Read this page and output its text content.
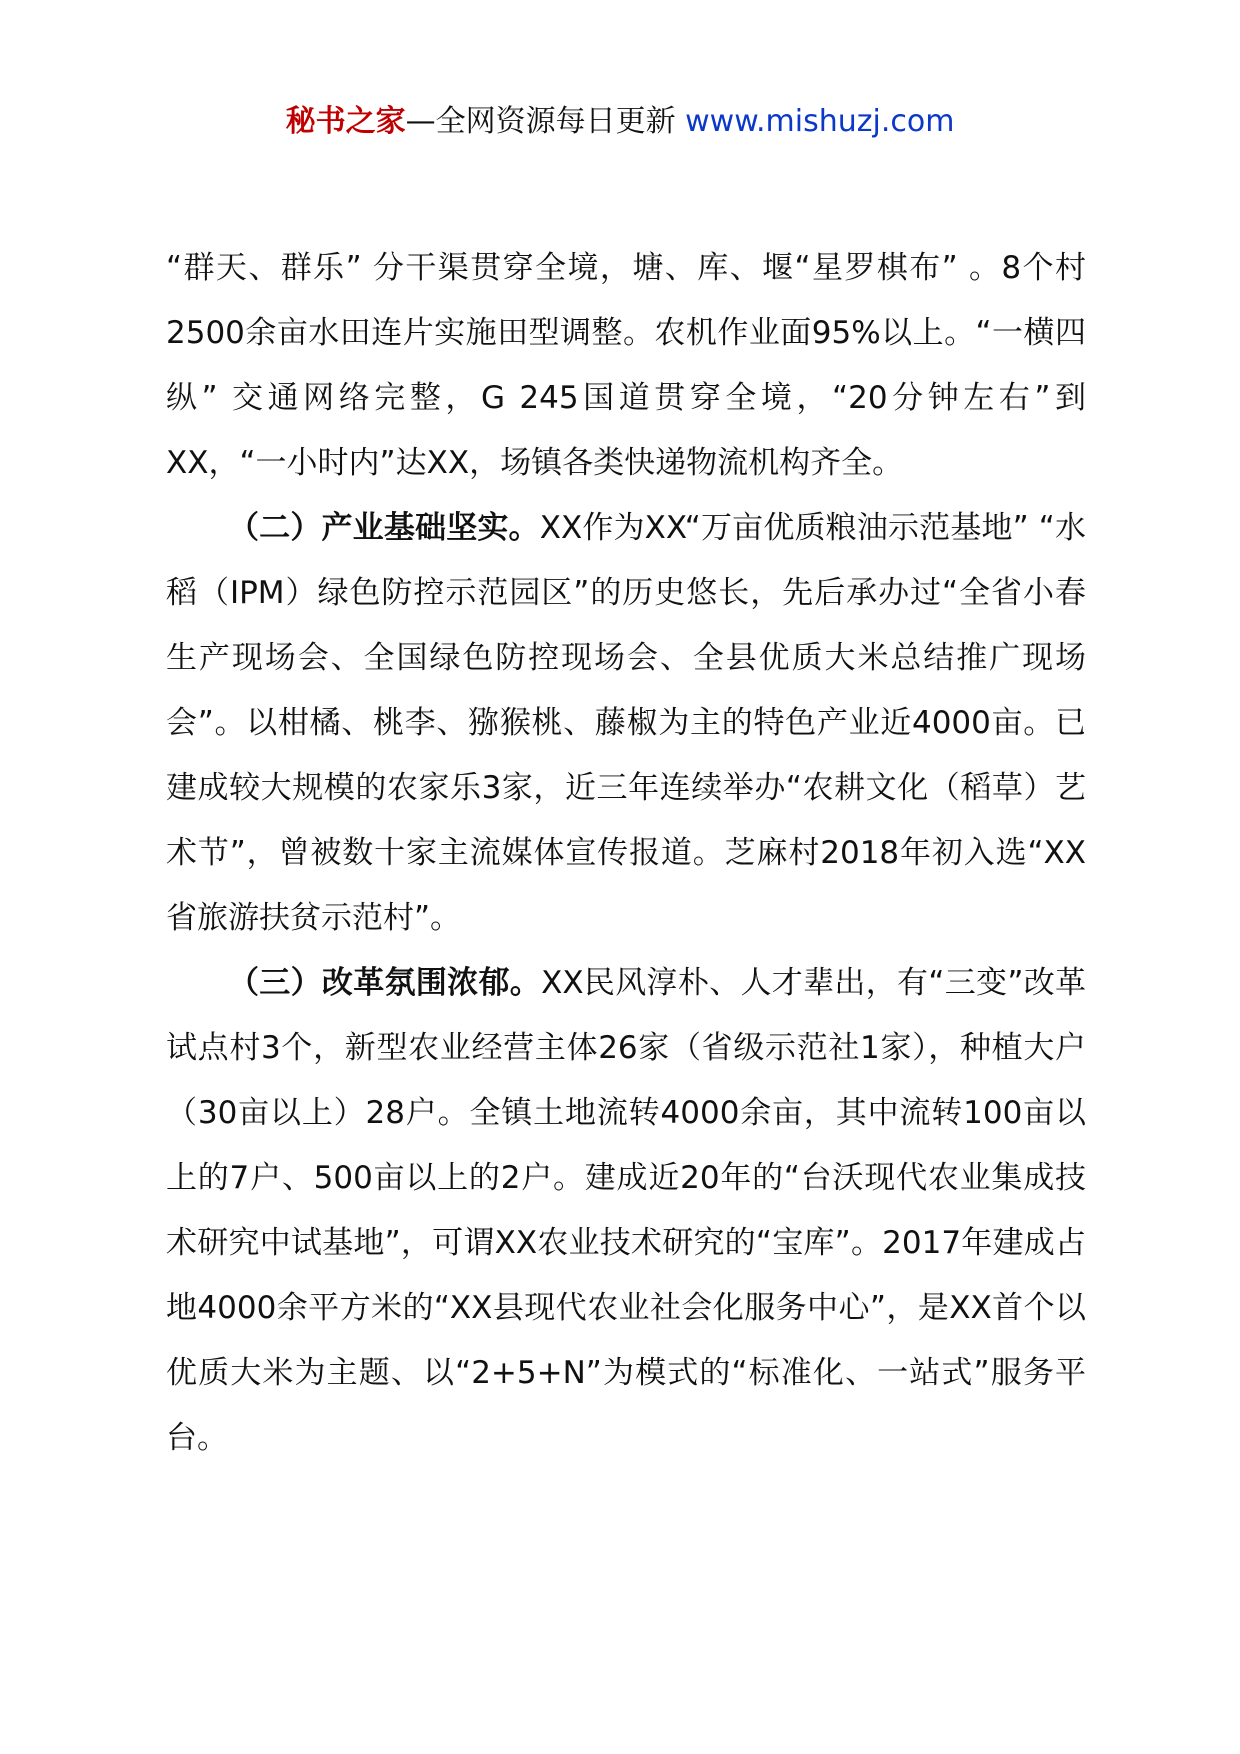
秘书之家—全网资源每日更新 www.mishuzj.com

“群天、群乐” 分干渠贯穿全境，塘、库、堰“星罗棋布” 。8个村2500余亩水田连片实施田型调整。农机作业面95%以上。“一横四纵” 交通网络完整，G 245国道贯穿全境，“20分钟左右”到XX，“一小时内”达XX，场镇各类快递物流机构齐全。

（二）产业基础坚实。XX作为XX“万亩优质粮油示范基地” “水稻（IPM）绿色防控示范园区”的历史悠长，先后承办过“全省小春生产现场会、全国绿色防控现场会、全县优质大米总结推广现场会”。以柑橘、桃李、猕猴桃、藤椒为主的特色产业近4000亩。已建成较大规模的农家乐3家，近三年连续举办“农耕文化（稻草）艺术节”，曾被数十家主流媒体宣传报道。芝麻村2018年初入选“XX省旅游扶贫示范村”。

（三）改革氛围浓郁。XX民风淳朴、人才辈出，有“三变”改革试点村3个，新型农业经营主体26家（省级示范社1家），种植大户（30亩以上）28户。全镇土地流转4000余亩，其中流转100亩以上的7户、500亩以上的2户。建成近20年的“台沃现代农业集成技术研究中试基地”，可谓XX农业技术研究的“宝库”。2017年建成占地4000余平方米的“XX县现代农业社会化服务中心”，是XX首个以优质大米为主题、以“2+5+N”为模式的“标准化、一站式”服务平台。
